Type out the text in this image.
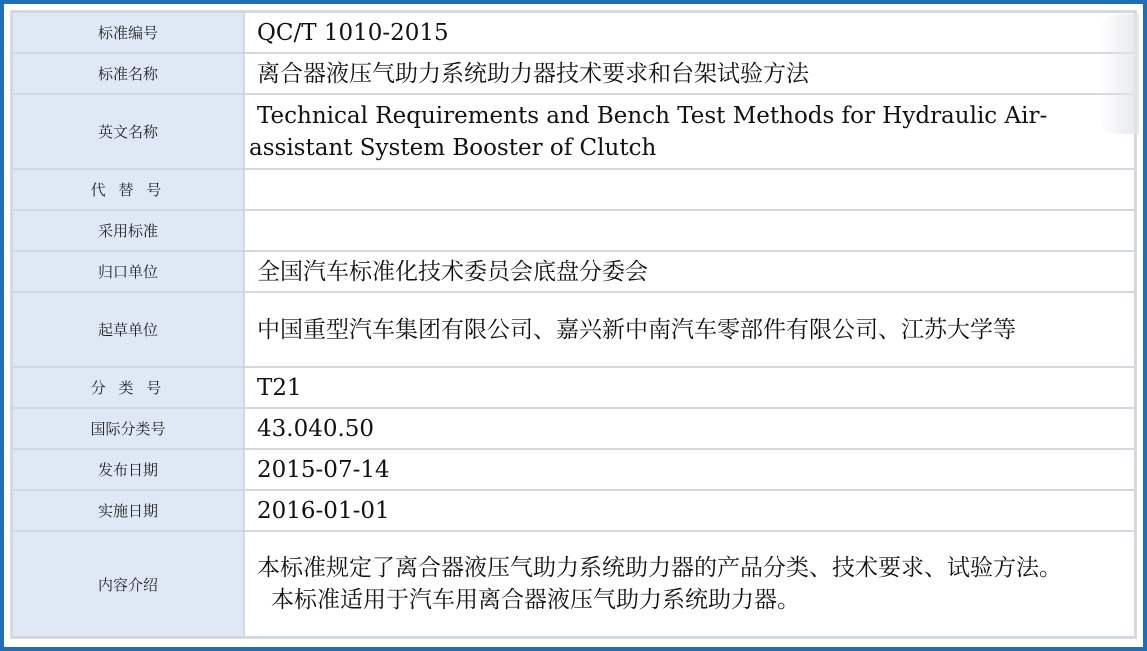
标准编号	QC/T 1010-2015

标准名称	离合器液压气助力系统助力器技术要求和台架试验方法

英文名称	Technical Requirements and Bench Test Methods for Hydraulic Air-assistant System Booster of Clutch

代 替 号	

采用标准	

归口单位	全国汽车标准化技术委员会底盘分委会

起草单位	中国重型汽车集团有限公司、嘉兴新中南汽车零部件有限公司、江苏大学等

分 类 号	T21

国际分类号	43.040.50

发布日期	2015-07-14

实施日期	2016-01-01

内容介绍	本标准规定了离合器液压气助力系统助力器的产品分类、技术要求、试验方法。
本标准适用于汽车用离合器液压气助力系统助力器。
